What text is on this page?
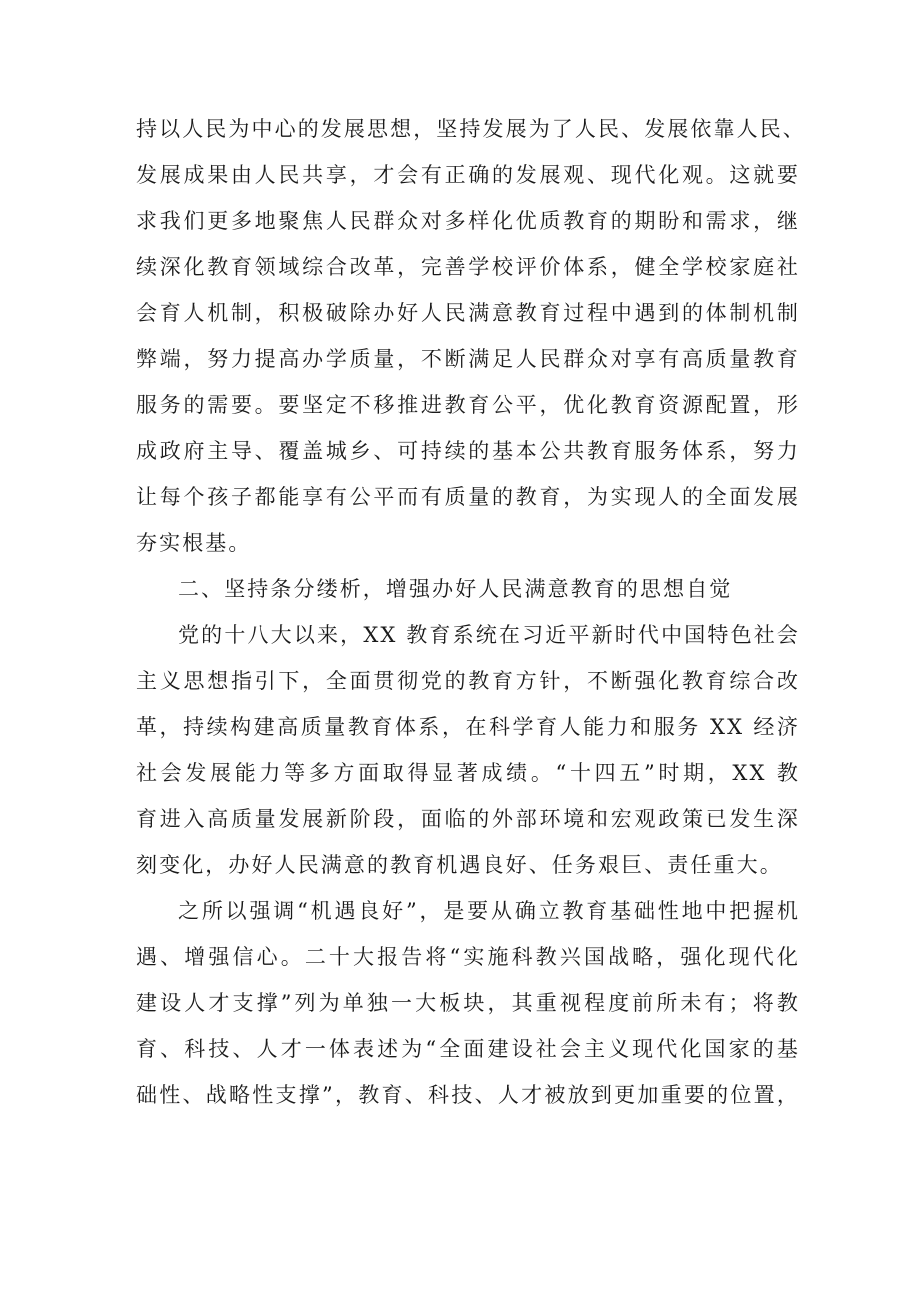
持以人民为中心的发展思想，坚持发展为了人民、发展依靠人民、
发展成果由人民共享，才会有正确的发展观、现代化观。这就要
求我们更多地聚焦人民群众对多样化优质教育的期盼和需求，继
续深化教育领域综合改革，完善学校评价体系，健全学校家庭社
会育人机制，积极破除办好人民满意教育过程中遇到的体制机制
弊端，努力提高办学质量，不断满足人民群众对享有高质量教育
服务的需要。要坚定不移推进教育公平，优化教育资源配置，形
成政府主导、覆盖城乡、可持续的基本公共教育服务体系，努力
让每个孩子都能享有公平而有质量的教育，为实现人的全面发展
夯实根基。
二、坚持条分缕析，增强办好人民满意教育的思想自觉
党的十八大以来，XX 教育系统在习近平新时代中国特色社会
主义思想指引下，全面贯彻党的教育方针，不断强化教育综合改
革，持续构建高质量教育体系，在科学育人能力和服务 XX 经济
社会发展能力等多方面取得显著成绩。“十四五”时期，XX 教
育进入高质量发展新阶段，面临的外部环境和宏观政策已发生深
刻变化，办好人民满意的教育机遇良好、任务艰巨、责任重大。
之所以强调“机遇良好”，是要从确立教育基础性地中把握机
遇、增强信心。二十大报告将“实施科教兴国战略，强化现代化
建设人才支撑”列为单独一大板块，其重视程度前所未有；将教
育、科技、人才一体表述为“全面建设社会主义现代化国家的基
础性、战略性支撑”，教育、科技、人才被放到更加重要的位置，
